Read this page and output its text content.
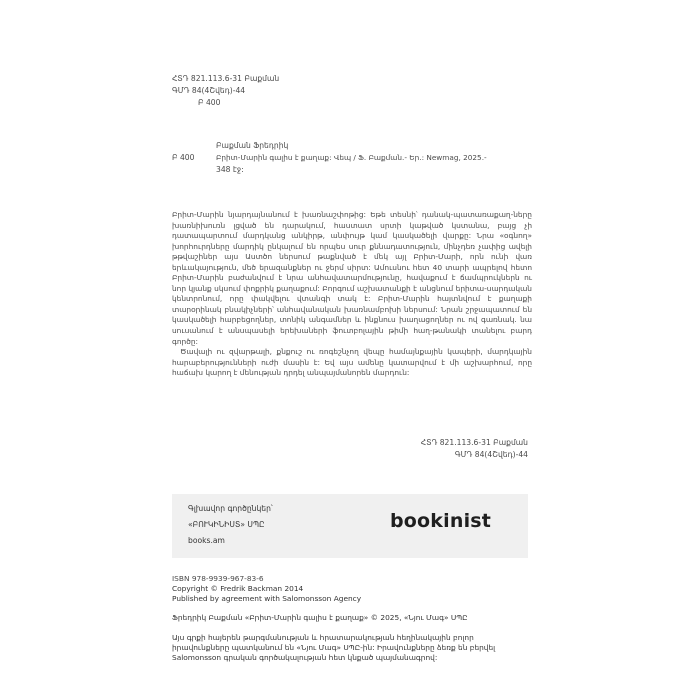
ՀՏԴ 821.113.6-31 Բաքման
ԳՄԴ 84(4Շվեդ)-44
Բ 400
Բաքման Ֆրեդրիկ
Բ 400	Բրիտ-Մարին գալիս է քաղաք: Վեպ / Ֆ. Բաքման.- Եր.: Newmag, 2025.-
348 էջ:

Բրիտ-Մարին նյարդայնանում է խառնաշփոթից: Եթե տեսնի՝ դանակ-պատառաքաղ-ները խառնիխուռն լցված են դարակում, հաստատ սրտի կաթված կստանա, բայց չի դատապարտում մարդկանց անկիրթ, անփույթ կամ կասկածելի վարքը: Նրա «օգնող» խորհուրդները մարդիկ ընկալում են որպես սուր քննադատություն, մինչդեռ չափից ավելի թթվաշիներ այս Աստծո ներսում թաքնված է մեկ այլ Բրիտ-Մարի, որն ունի վառ երևակայություն, մեծ երազանքներ ու ջերմ սիրտ: Ամուսնու հետ 40 տարի ապրելով հետո Բրիտ-Մարին բաժանվում է նրա անհավատարմությունը, հավաքում է ճամպրուկներն ու նոր կյանք սկսում փոքրիկ քաղաքում: Բորգում աշխատանքի է անցնում երիտա-սարդական կենտրոնում, որը փակվելու վտանգի տակ է: Բրիտ-Մարին հայտնվում է քաղաքի տարօրինակ բնակիչների՝ անհավանական խառնամբոխի ներսում: Նրան շրջապատում են կասկածելի հարբեցողներ, տոնիկ անգամներ և ինքնուս խաղացողներ ու ով գառնակ. նա սուսանում է անսպասելի երեխաների ֆուտբոլային թիմի հաղ-թանակի տանելու բարդ գործը:

Ծավալի ու զվարթալի, քնքուշ ու ռոգեշնչող վեպը համայնքային կապերի, մարդկային հարաբերությունների ուժի մասին է: Եվ այս ամենը կատարվում է մի աշխարհում, որը հաճախ կարող է մենության դրդել անպայմանորեն մարդուն:

ՀՏԴ 821.113.6-31 Բաքման
ԳՄԴ 84(4Շվեդ)-44
Գլխավոր գործընկեր՝
«ԲՈՒԿԻՆԻՍՏ» ՍՊԸ
books.am
bookinist
ISBN 978-9939-967-83-6
Copyright © Fredrik Backman 2014
Published by agreement with Salomonsson Agency
Ֆրեդրիկ Բաքման «Բրիտ-Մարին գալիս է քաղաք» © 2025, «Նյու Մագ» ՍՊԸ
Այս գրքի հայերեն թարգմանության և հրատարակության հեղինակային բոլոր
իրավունքները պատկանում են «Նյու Մագ» ՍՊԸ-ին: Իրավունքները ձեռք են բերվել
Salomonsson գրական գործակալության հետ կնքած պայմանագրով:
